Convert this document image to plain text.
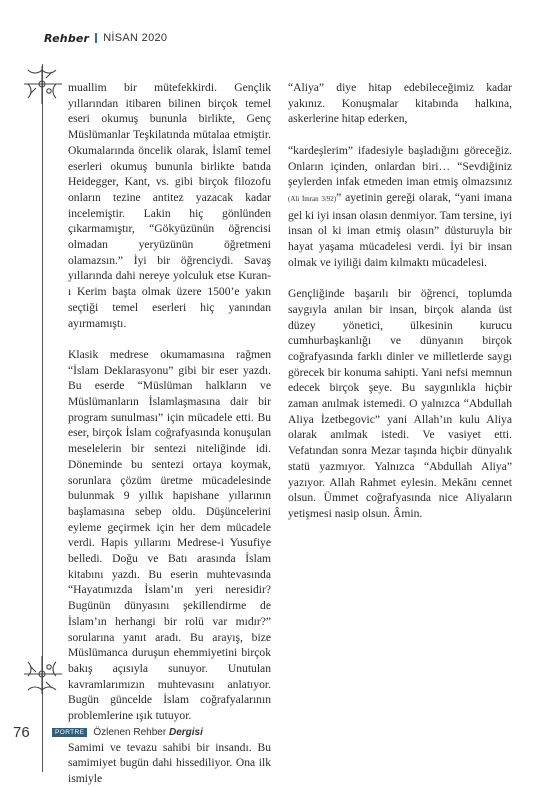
Rehber NİSAN 2020

muallim bir mütefekkirdi. Gençlik yıllarından itibaren bilinen birçok temel eseri okumuş bununla birlikte, Genç Müslümanlar Teşkilatında mütalaa etmiştir. Okumalarında öncelik olarak, İslamî temel eserleri okumuş bununla birlikte batıda Heidegger, Kant, vs. gibi birçok filozofu onların tezine antitez yazacak kadar incelemiştir. Lakin hiç gönlünden çıkarmamıştır, “Gökyüzünün öğrencisi olmadan yeryüzünün öğretmeni olamazsın.” İyi bir öğrenciydi. Savaş yıllarında dahi nereye yolculuk etse Kuran-ı Kerim başta olmak üzere 1500’e yakın seçtiği temel eserleri hiç yanından ayırmamıştı.

Klasik medrese okumamasına rağmen “İslam Deklarasyonu” gibi bir eser yazdı. Bu eserde “Müslüman halkların ve Müslümanların İslamlaşmasına dair bir program sunulması” için mücadele etti. Bu eser, birçok İslam coğrafyasında konuşulan meselelerin bir sentezi niteliğinde idi. Döneminde bu sentezi ortaya koymak, sorunlara çözüm üretme mücadelesinde bulunmak 9 yıllık hapishane yıllarının başlamasına sebep oldu. Düşüncelerini eyleme geçirmek için her dem mücadele verdi. Hapis yıllarını Medrese-i Yusufiye belledi. Doğu ve Batı arasında İslam kitabını yazdı. Bu eserin muhtevasında “Hayatımızda İslam’ın yeri neresidir? Bugünün dünyasını şekillendirme de İslam’ın herhangi bir rolü var mıdır?” sorularına yanıt aradı. Bu arayış, bize Müslümanca duruşun ehemmiyetini birçok bakış açısıyla sunuyor. Unutulan kavramlarımızın muhtevasını anlatıyor. Bugün güncelde İslam coğrafyalarının problemlerine ışık tutuyor.

Samimi ve tevazu sahibi bir insandı. Bu samimiyet bugün dahi hissediliyor. Ona ilk ismiyle

“Aliya” diye hitap edebileceğimiz kadar yakınız. Konuşmalar kitabında halkına, askerlerine hitap ederken,

“kardeşlerim” ifadesiyle başladığını göreceğiz. Onların içinden, onlardan biri… “Sevdiğiniz şeylerden infak etmeden iman etmiş olmazsınız (Ali İmran 3/92)” ayetinin gereği olarak, “yani imana gel ki iyi insan olasın denmiyor. Tam tersine, iyi insan ol ki iman etmiş olasın” düsturuyla bir hayat yaşama mücadelesi verdi. İyi bir insan olmak ve iyiliği daim kılmaktı mücadelesi.

Gençliğinde başarılı bir öğrenci, toplumda saygıyla anılan bir insan, birçok alanda üst düzey yönetici, ülkesinin kurucu cumhurbaşkanlığı ve dünyanın birçok coğrafyasında farklı dinler ve milletlerde saygı görecek bir konuma sahipti. Yani nefsi memnun edecek birçok şeye. Bu saygınlıkla hiçbir zaman anılmak istemedi. O yalnızca “Abdullah Aliya İzetbegovic” yani Allah’ın kulu Aliya olarak anılmak istedi. Ve vasiyet etti. Vefatından sonra Mezar taşında hiçbir dünyalık statü yazmıyor. Yalnızca “Abdullah Aliya” yazıyor. Allah Rahmet eylesin. Mekânı cennet olsun. Ümmet coğrafyasında nice Aliyaların yetişmesi nasip olsun. Âmin.

76	PORTRE Özlenen Rehber Dergisi
